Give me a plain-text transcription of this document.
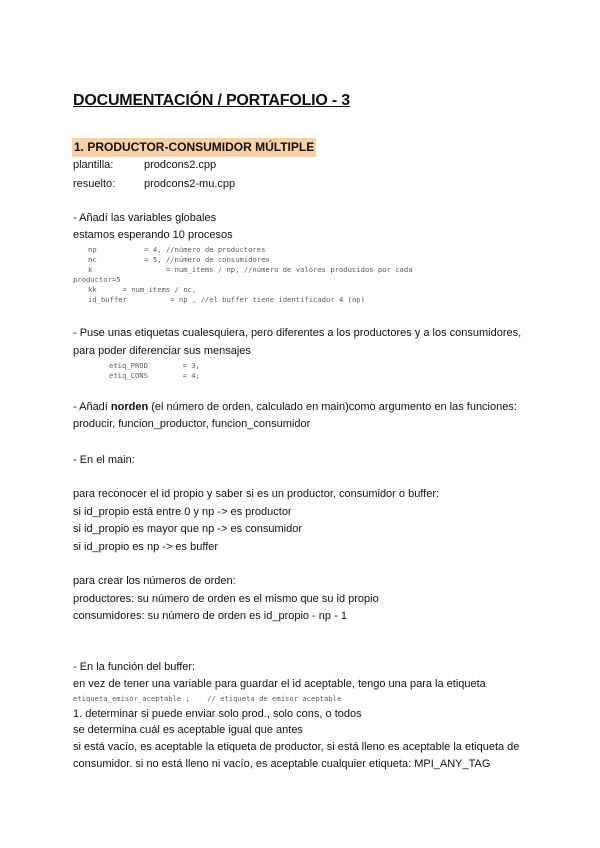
DOCUMENTACIÓN / PORTAFOLIO - 3
1. PRODUCTOR-CONSUMIDOR MÚLTIPLE
plantilla:	prodcons2.cpp
resuelto:	prodcons2-mu.cpp
- Añadí las variables globales
estamos esperando 10 procesos
np           = 4, //número de productores
nc           = 5, //número de consumidores
k                 = num_items / np, //número de valores producidos por cada
productor=5
kk      = num_items / nc,
id_buffer          = np , //el buffer tiene identificador 4 (np)
- Puse unas etiquetas cualesquiera, pero diferentes a los productores y a los consumidores,
para poder diferenciar sus mensajes
etiq_PROD        = 3,
etiq_CONS        = 4;
- Añadí norden (el número de orden, calculado en main)como argumento en las funciones:
producir, funcion_productor, funcion_consumidor
- En el main:
para reconocer el id propio y saber si es un productor, consumidor o buffer:
si id_propio está entre 0 y np -> es productor
si id_propio es mayor que np -> es consumidor
si id_propio es np -> es buffer
para crear los números de orden:
productores: su número de orden es el mismo que su id propio
consumidores: su número de orden es id_propio - np - 1
- En la función del buffer:
en vez de tener una variable para guardar el id aceptable, tengo una para la etiqueta
etiqueta_emisor_aceptable ;    // etiqueta de emisor aceptable
1. determinar si puede enviar solo prod., solo cons, o todos
se determina cuál es aceptable igual que antes
si está vacío, es aceptable la etiqueta de productor, si está lleno es aceptable la etiqueta de
consumidor. si no está lleno ni vacío, es aceptable cualquier etiqueta: MPI_ANY_TAG
